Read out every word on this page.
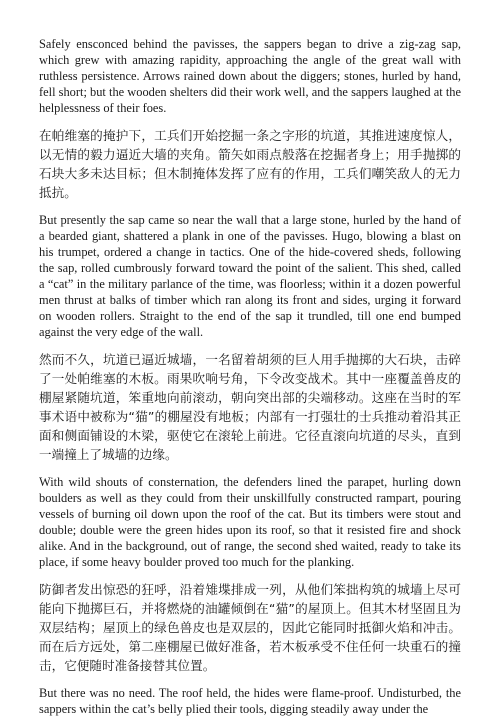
Safely ensconced behind the pavisses, the sappers began to drive a zig-zag sap, which grew with amazing rapidity, approaching the angle of the great wall with ruthless persistence. Arrows rained down about the diggers; stones, hurled by hand, fell short; but the wooden shelters did their work well, and the sappers laughed at the helplessness of their foes.

在帕维塞的掩护下，工兵们开始挖掘一条之字形的坑道，其推进速度惊人，以无情的毅力逼近大墙的夹角。箭矢如雨点般落在挖掘者身上；用手抛掷的石块大多未达目标；但木制掩体发挥了应有的作用，工兵们嘲笑敌人的无力抵抗。

But presently the sap came so near the wall that a large stone, hurled by the hand of a bearded giant, shattered a plank in one of the pavisses. Hugo, blowing a blast on his trumpet, ordered a change in tactics. One of the hide-covered sheds, following the sap, rolled cumbrously forward toward the point of the salient. This shed, called a “cat” in the military parlance of the time, was floorless; within it a dozen powerful men thrust at balks of timber which ran along its front and sides, urging it forward on wooden rollers. Straight to the end of the sap it trundled, till one end bumped against the very edge of the wall.

然而不久，坑道已逼近城墙，一名留着胡须的巨人用手抛掷的大石块，击碎了一处帕维塞的木板。雨果吹响号角，下令改变战术。其中一座覆盖兽皮的棚屋紧随坑道，笨重地向前滚动，朝向突出部的尖端移动。这座在当时的军事术语中被称为“猫”的棚屋没有地板；内部有一打强壮的士兵推动着沿其正面和侧面铺设的木梁，驱使它在滚轮上前进。它径直滚向坑道的尽头，直到一端撞上了城墙的边缘。

With wild shouts of consternation, the defenders lined the parapet, hurling down boulders as well as they could from their unskillfully constructed rampart, pouring vessels of burning oil down upon the roof of the cat. But its timbers were stout and double; double were the green hides upon its roof, so that it resisted fire and shock alike. And in the background, out of range, the second shed waited, ready to take its place, if some heavy boulder proved too much for the planking.

防御者发出惊恐的狂呼，沿着雉堞排成一列，从他们笨拙构筑的城墙上尽可能向下抛掷巨石，并将燃烧的油罐倾倒在“猫”的屋顶上。但其木材坚固且为双层结构；屋顶上的绿色兽皮也是双层的，因此它能同时抵御火焰和冲击。而在后方远处，第二座棚屋已做好准备，若木板承受不住任何一块重石的撞击，它便随时准备接替其位置。

But there was no need. The roof held, the hides were flame-proof. Undisturbed, the sappers within the cat’s belly plied their tools, digging steadily away under the
